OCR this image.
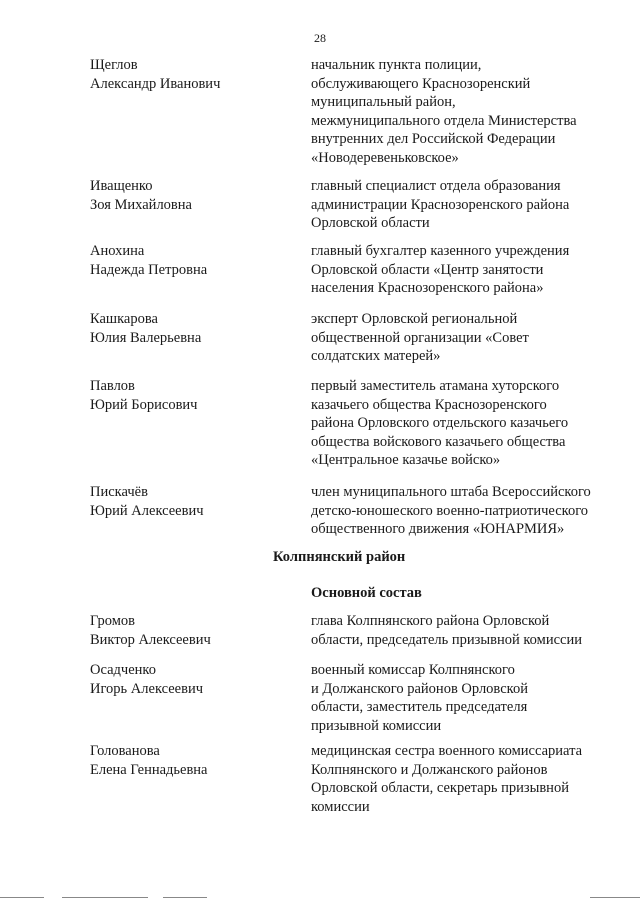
28
Щеглов
Александр Иванович
начальник пункта полиции,
обслуживающего Краснозоренский
муниципальный район,
межмуниципального отдела Министерства
внутренних дел Российской Федерации
«Новодеревеньковское»
Иващенко
Зоя Михайловна
главный специалист отдела образования
администрации Краснозоренского района
Орловской области
Анохина
Надежда Петровна
главный бухгалтер казенного учреждения
Орловской области «Центр занятости
населения Краснозоренского района»
Кашкарова
Юлия Валерьевна
эксперт Орловской региональной
общественной организации «Совет
солдатских матерей»
Павлов
Юрий Борисович
первый заместитель атамана хуторского
казачьего общества Краснозоренского
района Орловского отдельского казачьего
общества войскового казачьего общества
«Центральное казачье войско»
Пискачёв
Юрий Алексеевич
член муниципального штаба Всероссийского
детско-юношеского военно-патриотического
общественного движения «ЮНАРМИЯ»
Колпнянский район
Основной состав
Громов
Виктор Алексеевич
глава Колпнянского района Орловской
области, председатель призывной комиссии
Осадченко
Игорь Алексеевич
военный комиссар Колпнянского
и Должанского районов Орловской
области, заместитель председателя
призывной комиссии
Голованова
Елена Геннадьевна
медицинская сестра военного комиссариата
Колпнянского и Должанского районов
Орловской области, секретарь призывной
комиссии
